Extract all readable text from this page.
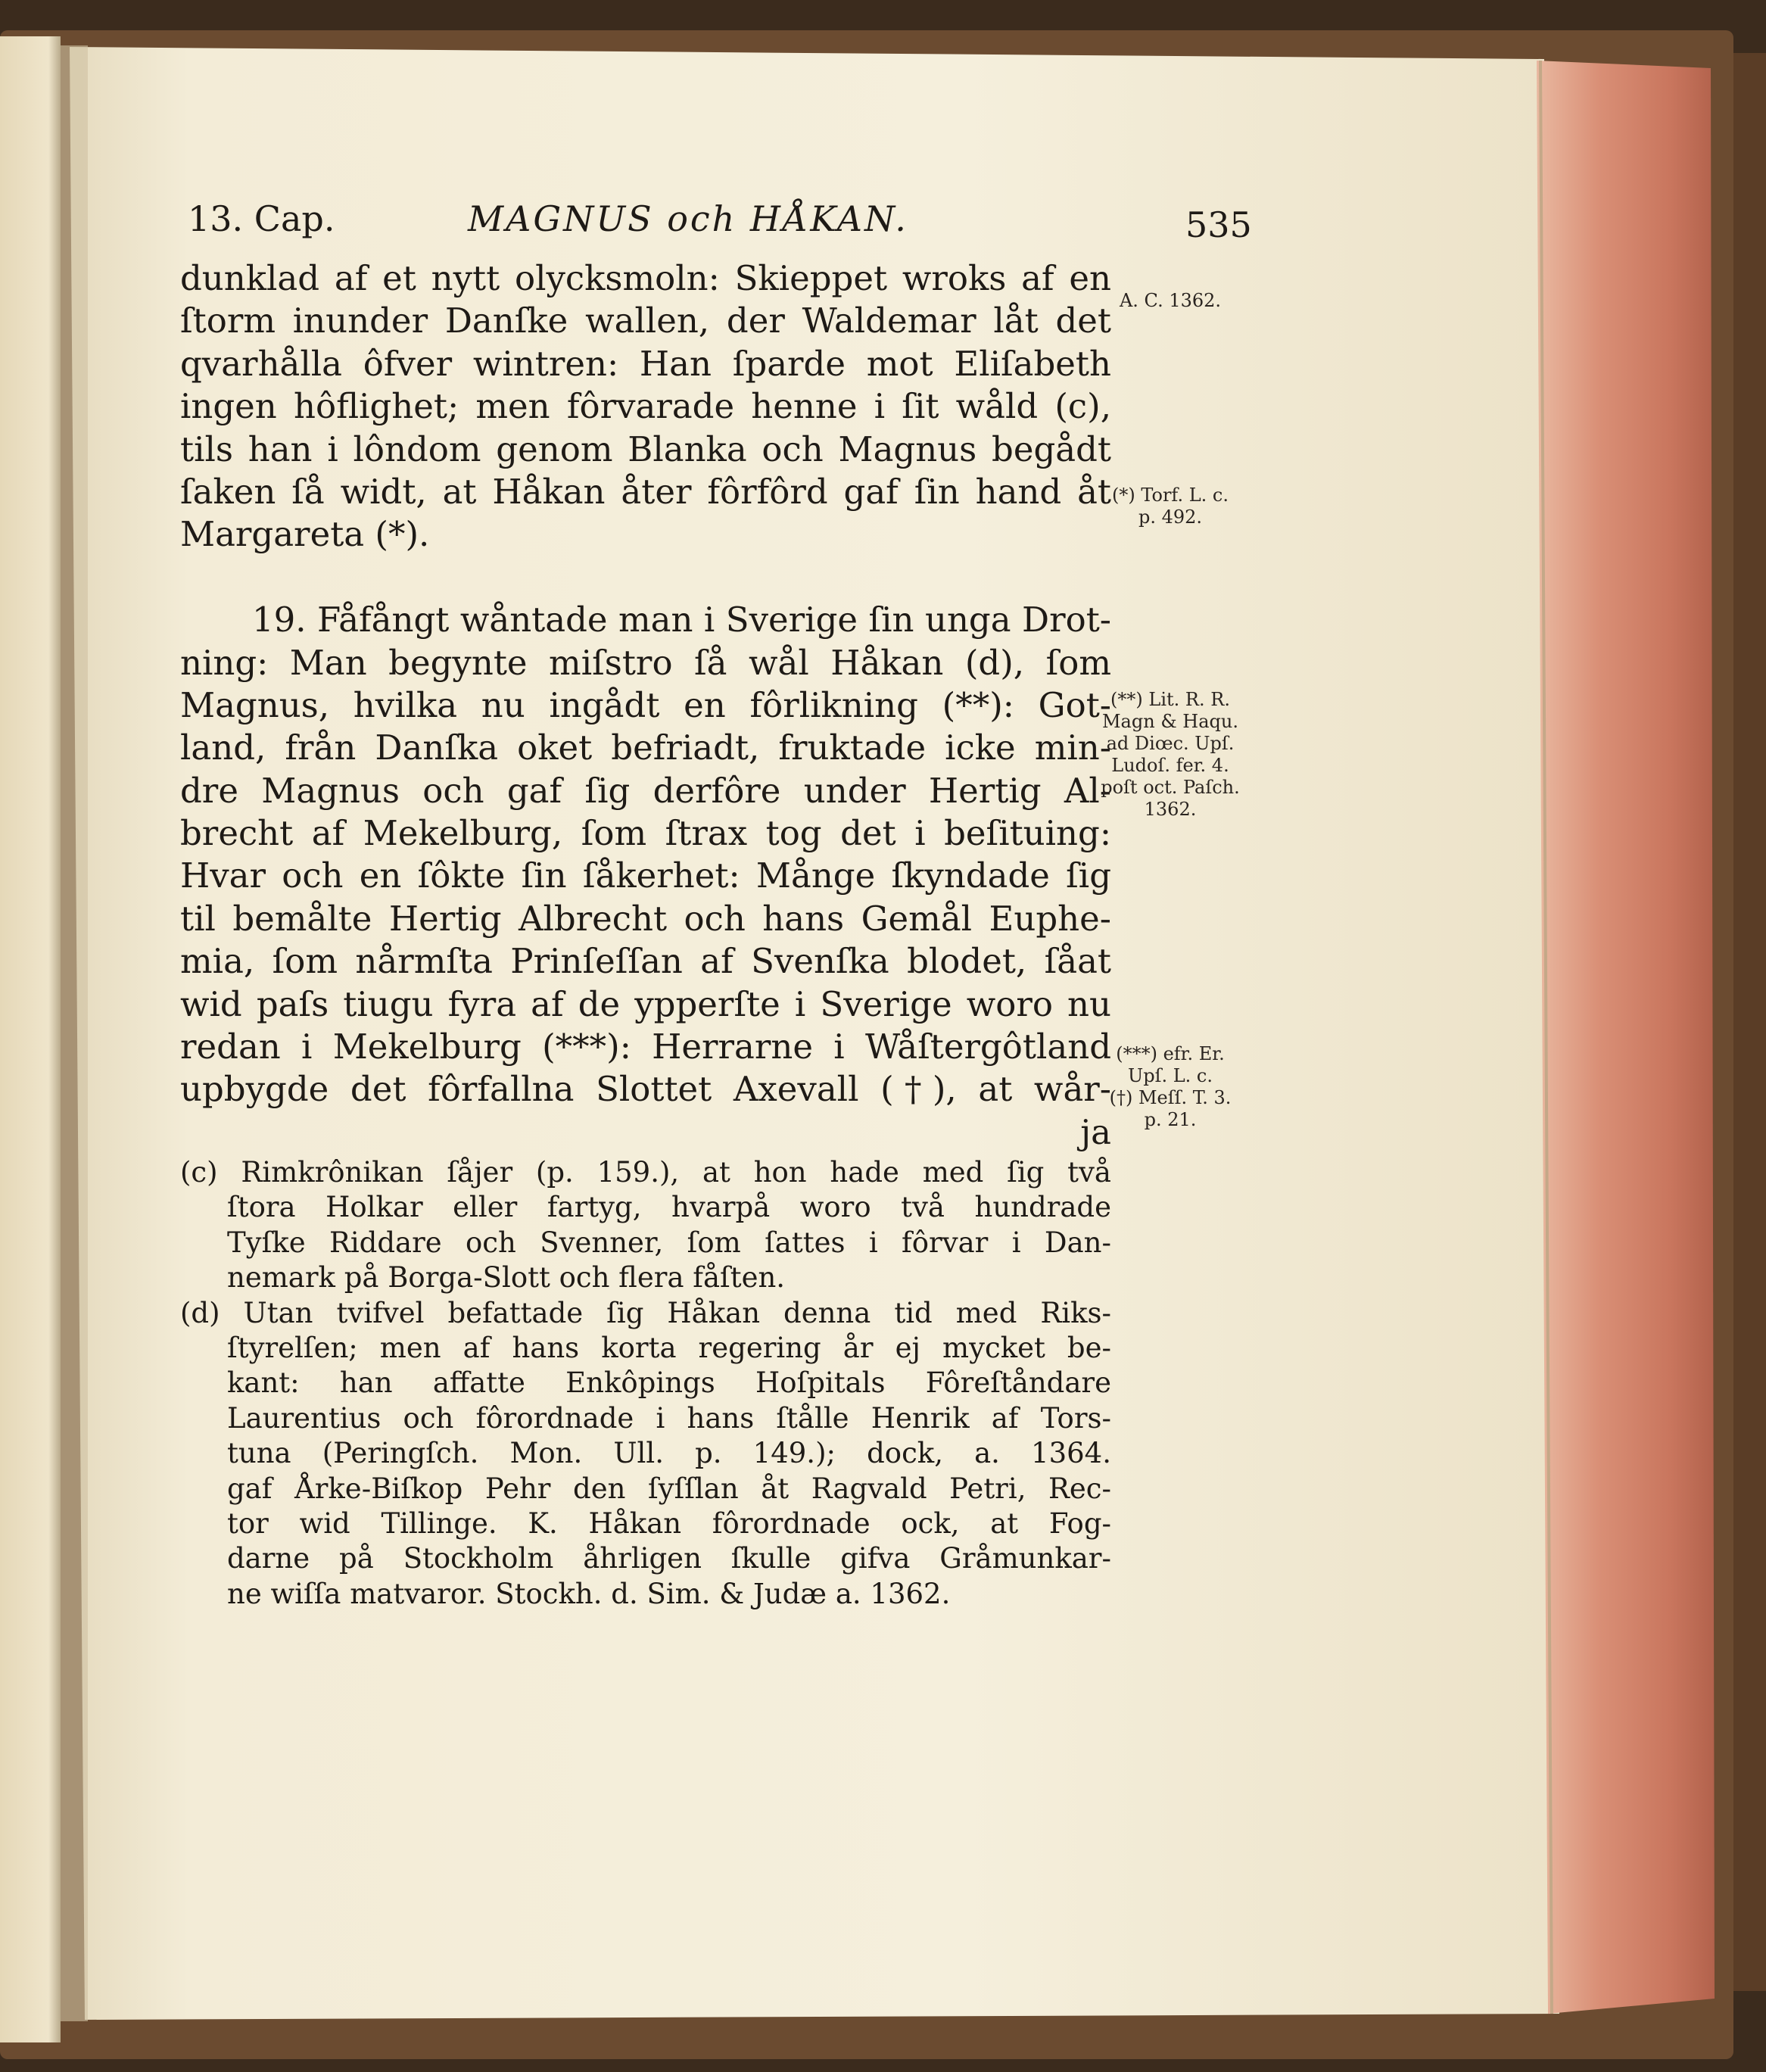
13. Cap.	MAGNUS och HÅKAN.	535
dunklad af et nytt olycksmoln: Skieppet wroks af en
ſtorm inunder Danſke wallen, der Waldemar låt det
qvarhålla ôfver wintren: Han ſparde mot Eliſabeth
ingen hôflighet; men fôrvarade henne i ſit wåld (c),
tils han i lôndom genom Blanka och Magnus begådt
ſaken ſå widt, at Håkan åter fôrfôrd gaf ſin hand åt
Margareta (*).
19. Fåfångt wåntade man i Sverige ſin unga Drot-
ning: Man begynte miſstro ſå wål Håkan (d), ſom
Magnus, hvilka nu ingådt en fôrlikning (**): Got-
land, från Danſka oket befriadt, fruktade icke min-
dre Magnus och gaf ſig derfôre under Hertig Al-
brecht af Mekelburg, ſom ſtrax tog det i beſituing:
Hvar och en ſôkte ſin ſåkerhet: Månge ſkyndade ſig
til bemålte Hertig Albrecht och hans Gemål Euphe-
mia, ſom nårmſta Prinſeſſan af Svenſka blodet, ſåat
wid paſs tiugu fyra af de ypperſte i Sverige woro nu
redan i Mekelburg (***): Herrarne i Wåſtergôtland
upbygde det fôrfallna Slottet Axevall (†), at wår-
ja
(c) Rimkrônikan ſåjer (p. 159.), at hon hade med ſig två
ſtora Holkar eller fartyg, hvarpå woro två hundrade
Tyſke Riddare och Svenner, ſom ſattes i fôrvar i Dan-
nemark på Borga-Slott och flera fåſten.
(d) Utan tvifvel befattade ſig Håkan denna tid med Riks-
ſtyrelſen; men af hans korta regering år ej mycket be-
kant: han affatte Enkôpings Hoſpitals Fôreſtåndare
Laurentius och fôrordnade i hans ſtålle Henrik af Tors-
tuna (Peringſch. Mon. Ull. p. 149.); dock, a. 1364.
gaf Årke-Biſkop Pehr den ſyſſlan åt Ragvald Petri, Rec-
tor wid Tillinge. K. Håkan fôrordnade ock, at Fog-
darne på Stockholm åhrligen ſkulle gifva Gråmunkar-
ne wiſſa matvaror. Stockh. d. Sim. & Judæ a. 1362.
A. C. 1362.
(*) Torf. L. c.
p. 492.
(**) Lit. R. R.
Magn & Haqu.
ad Diœc. Upſ.
Ludoſ. fer. 4.
poſt oct. Paſch.
1362.
(***) efr. Er.
Upſ. L. c.
(†) Meſſ. T. 3.
p. 21.
